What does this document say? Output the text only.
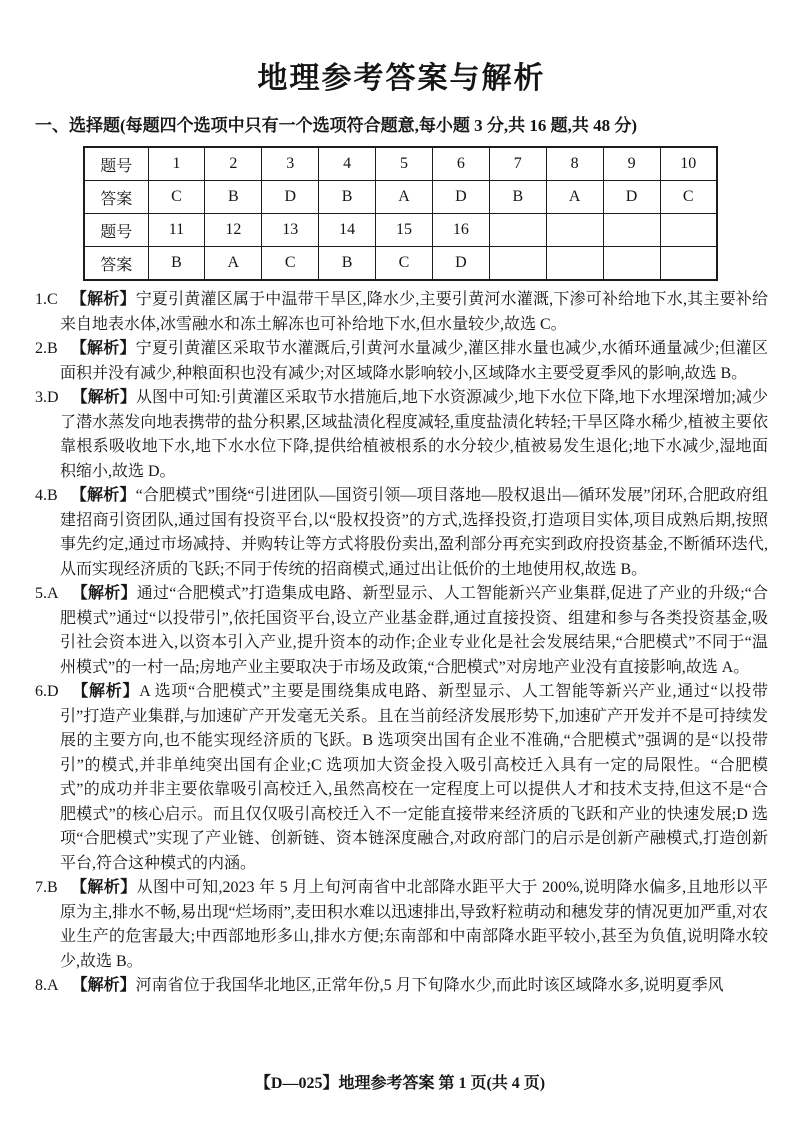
地理参考答案与解析
一、选择题(每题四个选项中只有一个选项符合题意,每小题 3 分,共 16 题,共 48 分)
题号	1	2	3	4	5	6	7	8	9	10
答案	C	B	D	B	A	D	B	A	D	C
题号	11	12	13	14	15	16				
答案	B	A	C	B	C	D				

1.C 【解析】宁夏引黄灌区属于中温带干旱区,降水少,主要引黄河水灌溉,下渗可补给地下水,其主要补给来自地表水体,冰雪融水和冻土解冻也可补给地下水,但水量较少,故选 C。

2.B 【解析】宁夏引黄灌区采取节水灌溉后,引黄河水量减少,灌区排水量也减少,水循环通量减少;但灌区面积并没有减少,种粮面积也没有减少;对区域降水影响较小,区域降水主要受夏季风的影响,故选 B。

3.D 【解析】从图中可知:引黄灌区采取节水措施后,地下水资源减少,地下水位下降,地下水埋深增加;减少了潜水蒸发向地表携带的盐分积累,区域盐渍化程度减轻,重度盐渍化转轻;干旱区降水稀少,植被主要依靠根系吸收地下水,地下水水位下降,提供给植被根系的水分较少,植被易发生退化;地下水减少,湿地面积缩小,故选 D。

4.B 【解析】“合肥模式”围绕“引进团队—国资引领—项目落地—股权退出—循环发展”闭环,合肥政府组建招商引资团队,通过国有投资平台,以“股权投资”的方式,选择投资,打造项目实体,项目成熟后期,按照事先约定,通过市场减持、并购转让等方式将股份卖出,盈利部分再充实到政府投资基金,不断循环迭代,从而实现经济质的飞跃;不同于传统的招商模式,通过出让低价的土地使用权,故选 B。

5.A 【解析】通过“合肥模式”打造集成电路、新型显示、人工智能新兴产业集群,促进了产业的升级;“合肥模式”通过“以投带引”,依托国资平台,设立产业基金群,通过直接投资、组建和参与各类投资基金,吸引社会资本进入,以资本引入产业,提升资本的动作;企业专业化是社会发展结果,“合肥模式”不同于“温州模式”的一村一品;房地产业主要取决于市场及政策,“合肥模式”对房地产业没有直接影响,故选 A。

6.D 【解析】A 选项“合肥模式”主要是围绕集成电路、新型显示、人工智能等新兴产业,通过“以投带引”打造产业集群,与加速矿产开发毫无关系。且在当前经济发展形势下,加速矿产开发并不是可持续发展的主要方向,也不能实现经济质的飞跃。B 选项突出国有企业不准确,“合肥模式”强调的是“以投带引”的模式,并非单纯突出国有企业;C 选项加大资金投入吸引高校迁入具有一定的局限性。“合肥模式”的成功并非主要依靠吸引高校迁入,虽然高校在一定程度上可以提供人才和技术支持,但这不是“合肥模式”的核心启示。而且仅仅吸引高校迁入不一定能直接带来经济质的飞跃和产业的快速发展;D 选项“合肥模式”实现了产业链、创新链、资本链深度融合,对政府部门的启示是创新产融模式,打造创新平台,符合这种模式的内涵。

7.B 【解析】从图中可知,2023 年 5 月上旬河南省中北部降水距平大于 200%,说明降水偏多,且地形以平原为主,排水不畅,易出现“烂场雨”,麦田积水难以迅速排出,导致籽粒萌动和穗发芽的情况更加严重,对农业生产的危害最大;中西部地形多山,排水方便;东南部和中南部降水距平较小,甚至为负值,说明降水较少,故选 B。

8.A 【解析】河南省位于我国华北地区,正常年份,5 月下旬降水少,而此时该区域降水多,说明夏季风

【D—025】地理参考答案 第 1 页(共 4 页)
